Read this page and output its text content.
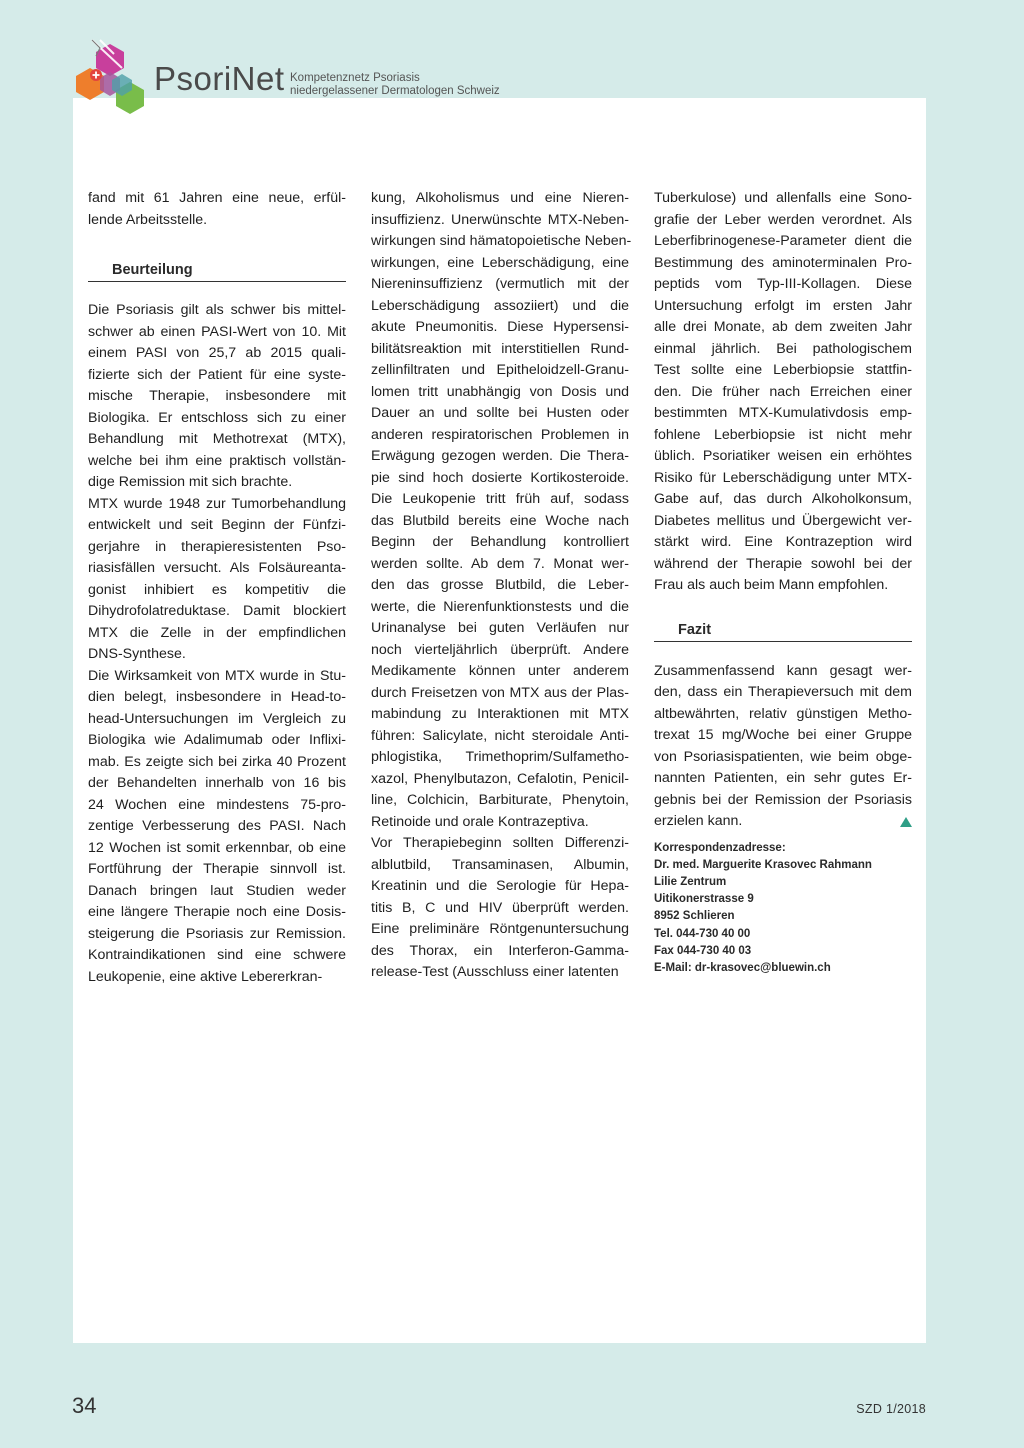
PsoriNet Kompetenznetz Psoriasis
niedergelassener Dermatologen Schweiz
fand mit 61 Jahren eine neue, erfül-
lende Arbeitsstelle.
Beurteilung
Die Psoriasis gilt als schwer bis mittel-
schwer ab einen PASI-Wert von 10. Mit
einem PASI von 25,7 ab 2015 quali-
fizierte sich der Patient für eine syste-
mische Therapie, insbesondere mit
Biologika. Er entschloss sich zu einer
Behandlung mit Methotrexat (MTX),
welche bei ihm eine praktisch vollstän-
dige Remission mit sich brachte.
MTX wurde 1948 zur Tumorbehandlung
entwickelt und seit Beginn der Fünfzi-
gerjahre in therapieresistenten Pso-
riasisfällen versucht. Als Folsäureanta-
gonist inhibiert es kompetitiv die
Dihydrofolatreduktase. Damit blockiert
MTX die Zelle in der empfindlichen
DNS-Synthese.
Die Wirksamkeit von MTX wurde in Stu-
dien belegt, insbesondere in Head-to-
head-Untersuchungen im Vergleich zu
Biologika wie Adalimumab oder Inflixi-
mab. Es zeigte sich bei zirka 40 Prozent
der Behandelten innerhalb von 16 bis
24 Wochen eine mindestens 75-pro-
zentige Verbesserung des PASI. Nach
12 Wochen ist somit erkennbar, ob eine
Fortführung der Therapie sinnvoll ist.
Danach bringen laut Studien weder
eine längere Therapie noch eine Dosis-
steigerung die Psoriasis zur Remission.
Kontraindikationen sind eine schwere
Leukopenie, eine aktive Lebererkran-
kung, Alkoholismus und eine Nieren-
insuffizienz. Unerwünschte MTX-Neben-
wirkungen sind hämatopoietische Neben-
wirkungen, eine Leberschädigung, eine
Niereninsuffizienz (vermutlich mit der
Leberschädigung assoziiert) und die
akute Pneumonitis. Diese Hypersensi-
bilitätsreaktion mit interstitiellen Rund-
zellinfiltraten und Epitheloidzell-Granu-
lomen tritt unabhängig von Dosis und
Dauer an und sollte bei Husten oder
anderen respiratorischen Problemen in
Erwägung gezogen werden. Die Thera-
pie sind hoch dosierte Kortikosteroide.
Die Leukopenie tritt früh auf, sodass
das Blutbild bereits eine Woche nach
Beginn der Behandlung kontrolliert
werden sollte. Ab dem 7. Monat wer-
den das grosse Blutbild, die Leber-
werte, die Nierenfunktionstests und die
Urinanalyse bei guten Verläufen nur
noch vierteljährlich überprüft. Andere
Medikamente können unter anderem
durch Freisetzen von MTX aus der Plas-
mabindung zu Interaktionen mit MTX
führen: Salicylate, nicht steroidale Anti-
phlogistika, Trimethoprim/Sulfametho-
xazol, Phenylbutazon, Cefalotin, Penicil-
line, Colchicin, Barbiturate, Phenytoin,
Retinoide und orale Kontrazeptiva.
Vor Therapiebeginn sollten Differenzi-
alblutbild, Transaminasen, Albumin,
Kreatinin und die Serologie für Hepa-
titis B, C und HIV überprüft werden.
Eine preliminäre Röntgenuntersuchung
des Thorax, ein Interferon-Gamma-
release-Test (Ausschluss einer latenten
Tuberkulose) und allenfalls eine Sono-
grafie der Leber werden verordnet. Als
Leberfibrinogenese-Parameter dient die
Bestimmung des aminoterminalen Pro-
peptids vom Typ-III-Kollagen. Diese
Untersuchung erfolgt im ersten Jahr
alle drei Monate, ab dem zweiten Jahr
einmal jährlich. Bei pathologischem
Test sollte eine Leberbiopsie stattfin-
den. Die früher nach Erreichen einer
bestimmten MTX-Kumulativdosis emp-
fohlene Leberbiopsie ist nicht mehr
üblich. Psoriatiker weisen ein erhöhtes
Risiko für Leberschädigung unter MTX-
Gabe auf, das durch Alkoholkonsum,
Diabetes mellitus und Übergewicht ver-
stärkt wird. Eine Kontrazeption wird
während der Therapie sowohl bei der
Frau als auch beim Mann empfohlen.
Fazit
Zusammenfassend kann gesagt wer-
den, dass ein Therapieversuch mit dem
altbewährten, relativ günstigen Metho-
trexat 15 mg/Woche bei einer Gruppe
von Psoriasispatienten, wie beim obge-
nannten Patienten, ein sehr gutes Er-
gebnis bei der Remission der Psoriasis
erzielen kann.
Korrespondenzadresse:
Dr. med. Marguerite Krasovec Rahmann
Lilie Zentrum
Uitikonerstrasse 9
8952 Schlieren
Tel. 044-730 40 00
Fax 044-730 40 03
E-Mail: dr-krasovec@bluewin.ch
34	SZD 1/2018
